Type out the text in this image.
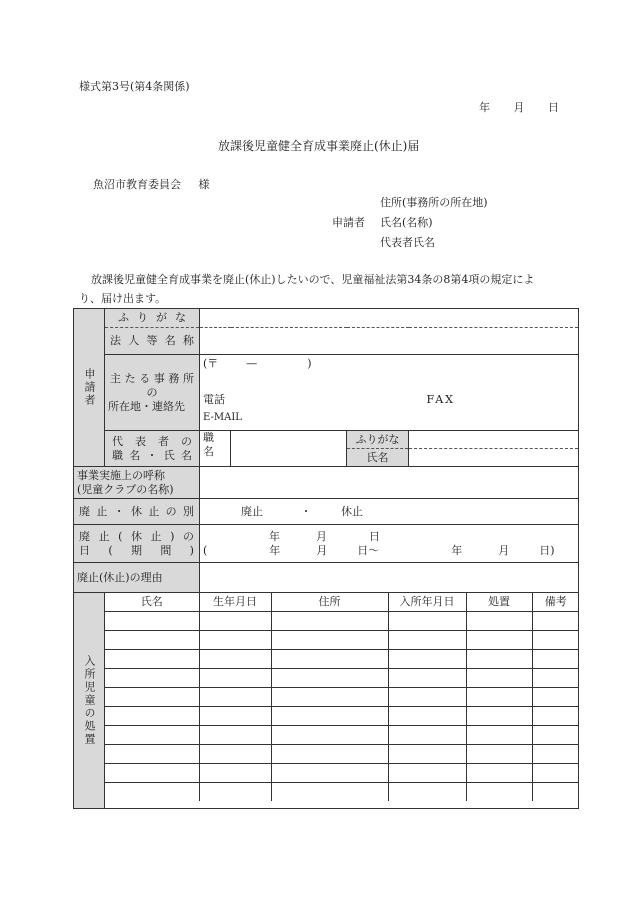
様式第3号(第4条関係)
年 月 日
放課後児童健全育成事業廃止(休止)届
魚沼市教育委員会 様
住所(事務所の所在地)
申請者 氏名(名称)
代表者氏名
放課後児童健全育成事業を廃止(休止)したいので、児童福祉法第34条の8第4項の規定によ
り、届け出ます。
申請者

ふ り が な

法 人 等 名 称

主 た る 事 務 所
の
所在地・連絡先

(〒	—	)
電話	FAX
E-MAIL

代 表 者 の
職 名 ・ 氏 名

職
名
		ふりがな	
氏名	

事業実施上の呼称
(児童クラブの名称)

廃 止 ・ 休 止 の 別	廃止	・	休止

廃 止 ( 休 止 ) の
日 ( 期 間 )

年	月	日
(	年	月	日〜	年	月	日)

廃止(休止)の理由	

入所児童の処置

氏名	生年月日	住所	入所年月日	処置	備考
